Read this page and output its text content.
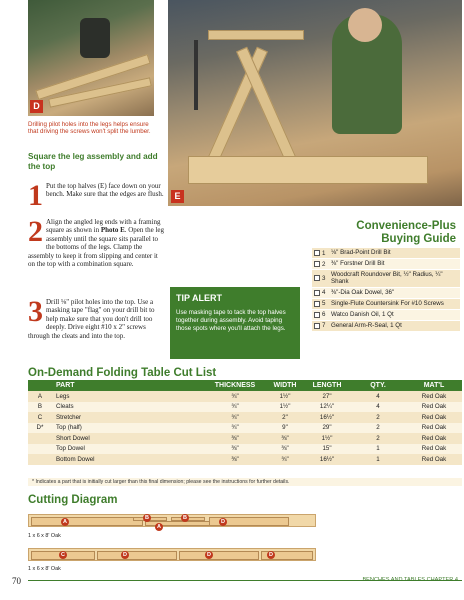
D
E
Drilling pilot holes into the legs helps ensure that driving the screws won't split the lumber.
Square the leg assembly and add the top
1 Put the top halves (E) face down on your bench. Make sure that the edges are flush.
2 Align the angled leg ends with a framing square as shown in Photo E. Open the leg assembly until the square sits parallel to the bottoms of the legs. Clamp the assembly to keep it from slipping and center it on the top with a combination square.
3 Drill ⅛" pilot holes into the top. Use a masking tape "flag" on your drill bit to help make sure that you don't drill too deeply. Drive eight #10 x 2" screws through the cleats and into the top.
TIP ALERT
Use masking tape to tack the top halves together during assembly. Avoid taping those spots where you'll attach the legs.
Convenience-Plus Buying Guide
1 ⅛" Brad-Point Drill Bit
2 ⅜" Forstner Drill Bit
3
Woodcraft Roundover Bit, ½" Radius, ¼" Shank
4 ⅜"-Dia Oak Dowel, 36"
5 Single-Flute Countersink For #10 Screws
6 Watco Danish Oil, 1 Qt
7 General Arm-R-Seal, 1 Qt
On-Demand Folding Table Cut List
	PART	THICKNESS	WIDTH	LENGTH	QTY.	MAT'L
A	Legs	¾"	1½"	27"	4	Red Oak
B	Cleats	¾"	1½"	12¼"	4	Red Oak
C	Stretcher	¾"	2"	16½"	2	Red Oak
D*	Top (half)	¾"	9"	29"	2	Red Oak
	Short Dowel	⅜"	⅜"	1½"	2	Red Oak
	Top Dowel	⅜"	⅜"	15"	1	Red Oak
	Bottom Dowel	⅜"	¾"	16½"	1	Red Oak
* Indicates a part that is initially cut larger than this final dimension; please see the instructions for further details.
Cutting Diagram
A
B	B
D
A
1 x 6 x 8' Oak
C	D	D	D
1 x 6 x 8' Oak
70	BENCHES AND TABLES CHAPTER 4
